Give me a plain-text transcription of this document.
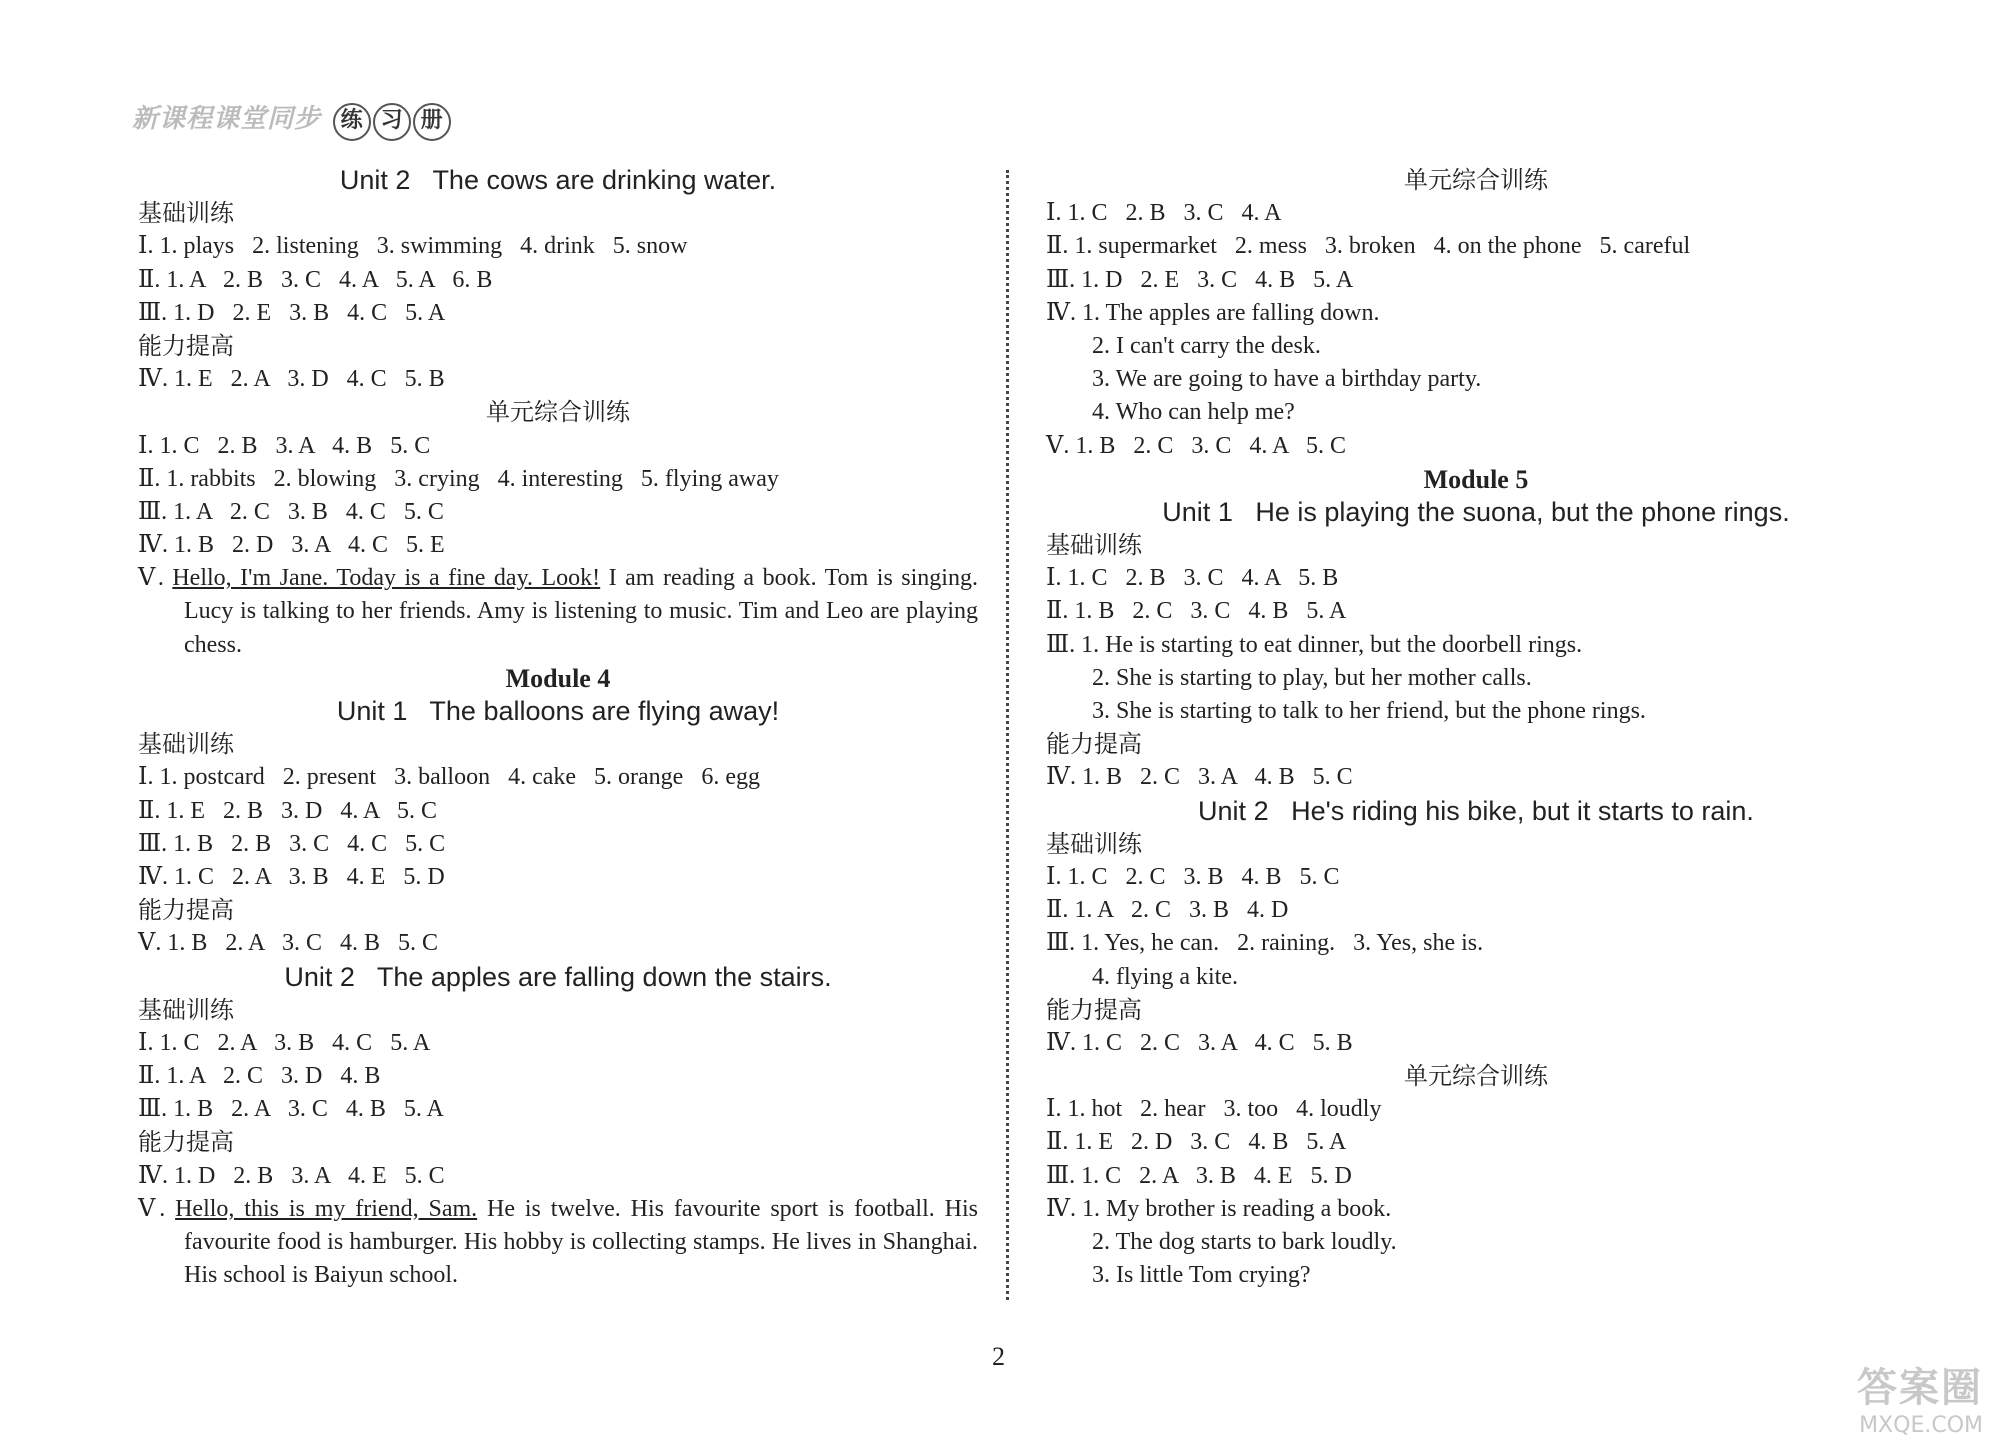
新课程课堂同步 练 习 册
Unit 2   The cows are drinking water.
基础训练
Ⅰ. 1. plays   2. listening   3. swimming   4. drink   5. snow
Ⅱ. 1. A   2. B   3. C   4. A   5. A   6. B
Ⅲ. 1. D   2. E   3. B   4. C   5. A
能力提高
Ⅳ. 1. E   2. A   3. D   4. C   5. B
单元综合训练
Ⅰ. 1. C   2. B   3. A   4. B   5. C
Ⅱ. 1. rabbits   2. blowing   3. crying   4. interesting   5. flying away
Ⅲ. 1. A   2. C   3. B   4. C   5. C
Ⅳ. 1. B   2. D   3. A   4. C   5. E
Ⅴ. Hello, I'm Jane. Today is a fine day. Look! I am reading a book. Tom is singing. Lucy is talking to her friends. Amy is listening to music. Tim and Leo are playing chess.
Module 4
Unit 1   The balloons are flying away!
基础训练
Ⅰ. 1. postcard   2. present   3. balloon   4. cake   5. orange   6. egg
Ⅱ. 1. E   2. B   3. D   4. A   5. C
Ⅲ. 1. B   2. B   3. C   4. C   5. C
Ⅳ. 1. C   2. A   3. B   4. E   5. D
能力提高
Ⅴ. 1. B   2. A   3. C   4. B   5. C
Unit 2   The apples are falling down the stairs.
基础训练
Ⅰ. 1. C   2. A   3. B   4. C   5. A
Ⅱ. 1. A   2. C   3. D   4. B
Ⅲ. 1. B   2. A   3. C   4. B   5. A
能力提高
Ⅳ. 1. D   2. B   3. A   4. E   5. C
Ⅴ. Hello, this is my friend, Sam. He is twelve. His favourite sport is football. His favourite food is hamburger. His hobby is collecting stamps. He lives in Shanghai. His school is Baiyun school.
单元综合训练
Ⅰ. 1. C   2. B   3. C   4. A
Ⅱ. 1. supermarket   2. mess   3. broken   4. on the phone   5. careful
Ⅲ. 1. D   2. E   3. C   4. B   5. A
Ⅳ. 1. The apples are falling down.
2. I can't carry the desk.
3. We are going to have a birthday party.
4. Who can help me?
Ⅴ. 1. B   2. C   3. C   4. A   5. C
Module 5
Unit 1   He is playing the suona, but the phone rings.
基础训练
Ⅰ. 1. C   2. B   3. C   4. A   5. B
Ⅱ. 1. B   2. C   3. C   4. B   5. A
Ⅲ. 1. He is starting to eat dinner, but the doorbell rings.
2. She is starting to play, but her mother calls.
3. She is starting to talk to her friend, but the phone rings.
能力提高
Ⅳ. 1. B   2. C   3. A   4. B   5. C
Unit 2   He's riding his bike, but it starts to rain.
基础训练
Ⅰ. 1. C   2. C   3. B   4. B   5. C
Ⅱ. 1. A   2. C   3. B   4. D
Ⅲ. 1. Yes, he can.   2. raining.   3. Yes, she is.
4. flying a kite.
能力提高
Ⅳ. 1. C   2. C   3. A   4. C   5. B
单元综合训练
Ⅰ. 1. hot   2. hear   3. too   4. loudly
Ⅱ. 1. E   2. D   3. C   4. B   5. A
Ⅲ. 1. C   2. A   3. B   4. E   5. D
Ⅳ. 1. My brother is reading a book.
2. The dog starts to bark loudly.
3. Is little Tom crying?
2
答案圈
MXQE.COM
